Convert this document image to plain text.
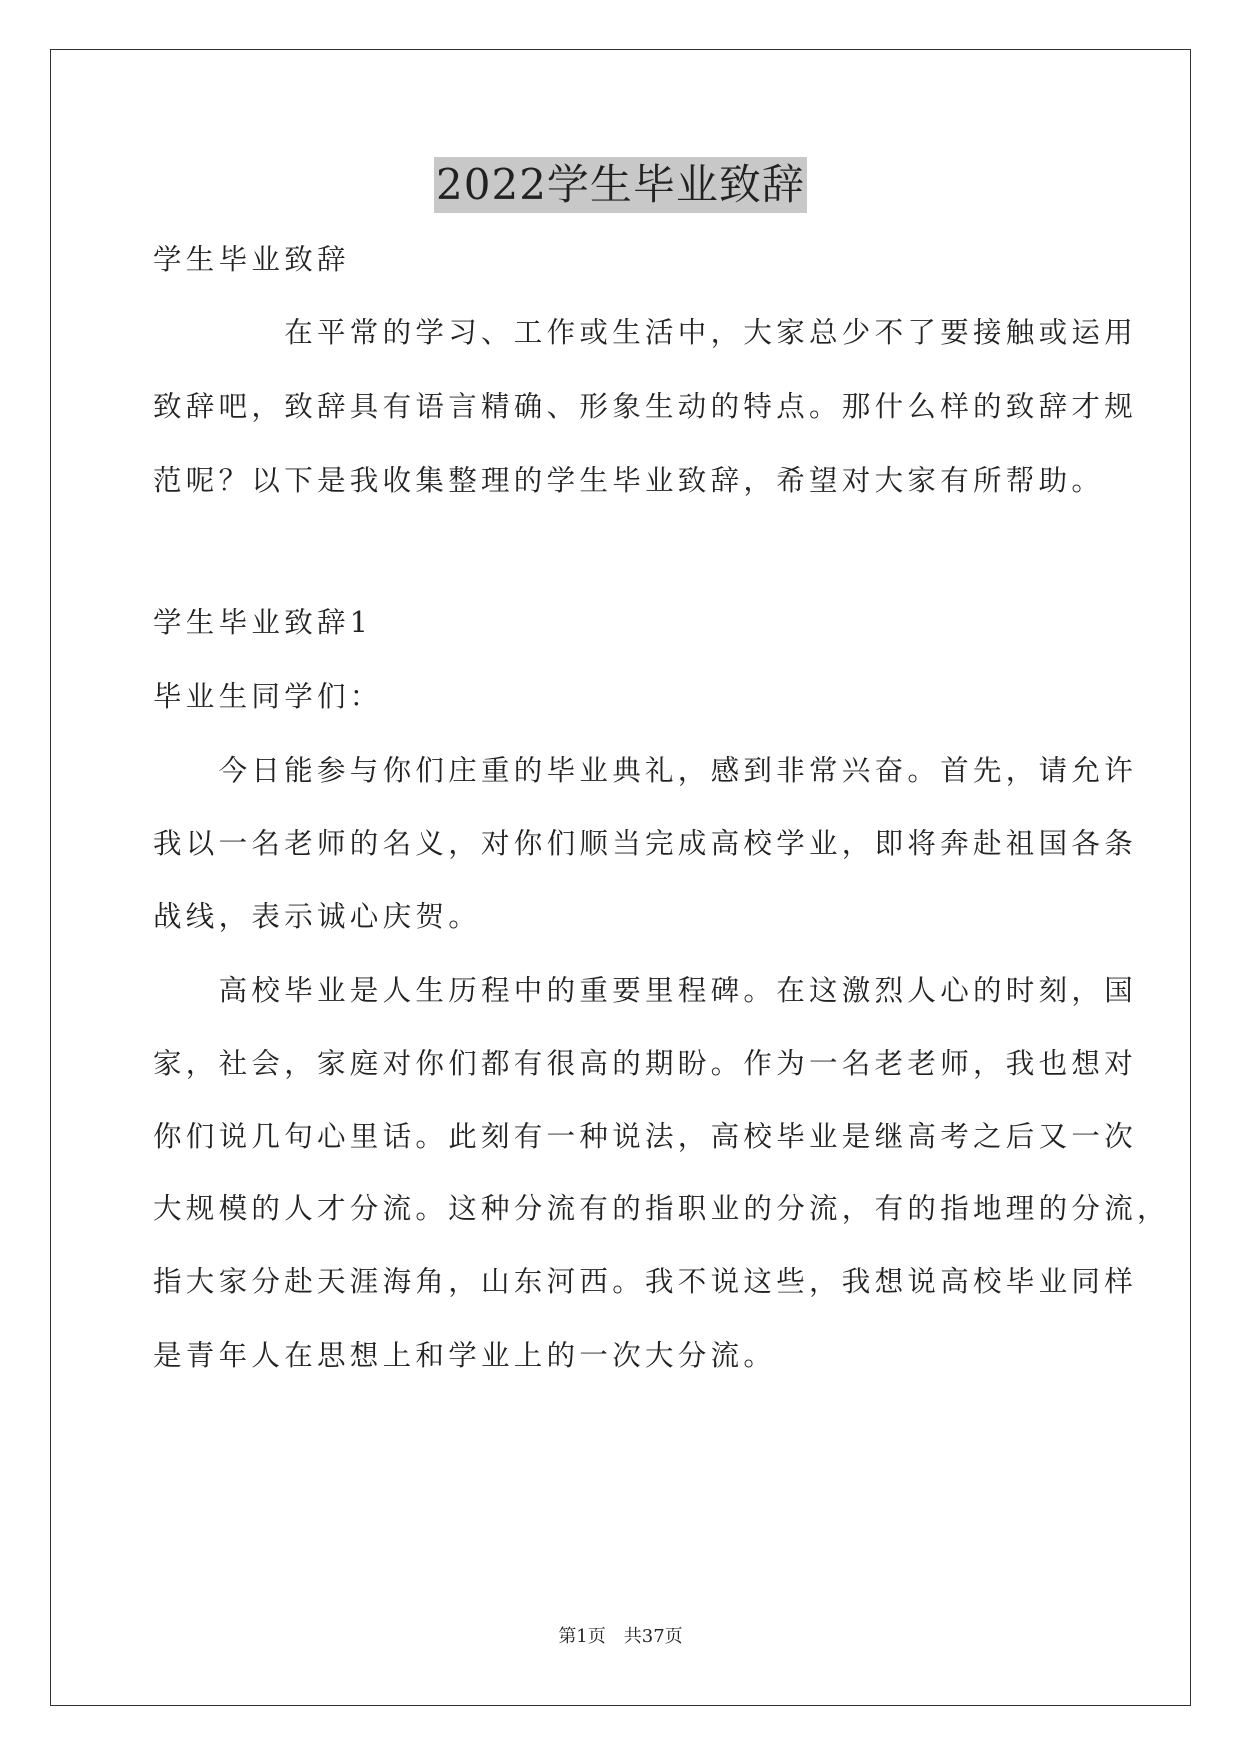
2022学生毕业致辞

学生毕业致辞

　　　　在平常的学习、工作或生活中，大家总少不了要接触或运用

致辞吧，致辞具有语言精确、形象生动的特点。那什么样的致辞才规

范呢？以下是我收集整理的学生毕业致辞，希望对大家有所帮助。

学生毕业致辞1

毕业生同学们：

　　今日能参与你们庄重的毕业典礼，感到非常兴奋。首先，请允许

我以一名老师的名义，对你们顺当完成高校学业，即将奔赴祖国各条

战线，表示诚心庆贺。

　　高校毕业是人生历程中的重要里程碑。在这激烈人心的时刻，国

家，社会，家庭对你们都有很高的期盼。作为一名老老师，我也想对

你们说几句心里话。此刻有一种说法，高校毕业是继高考之后又一次

大规模的人才分流。这种分流有的指职业的分流，有的指地理的分流，

指大家分赴天涯海角，山东河西。我不说这些，我想说高校毕业同样

是青年人在思想上和学业上的一次大分流。

第1页　共37页
